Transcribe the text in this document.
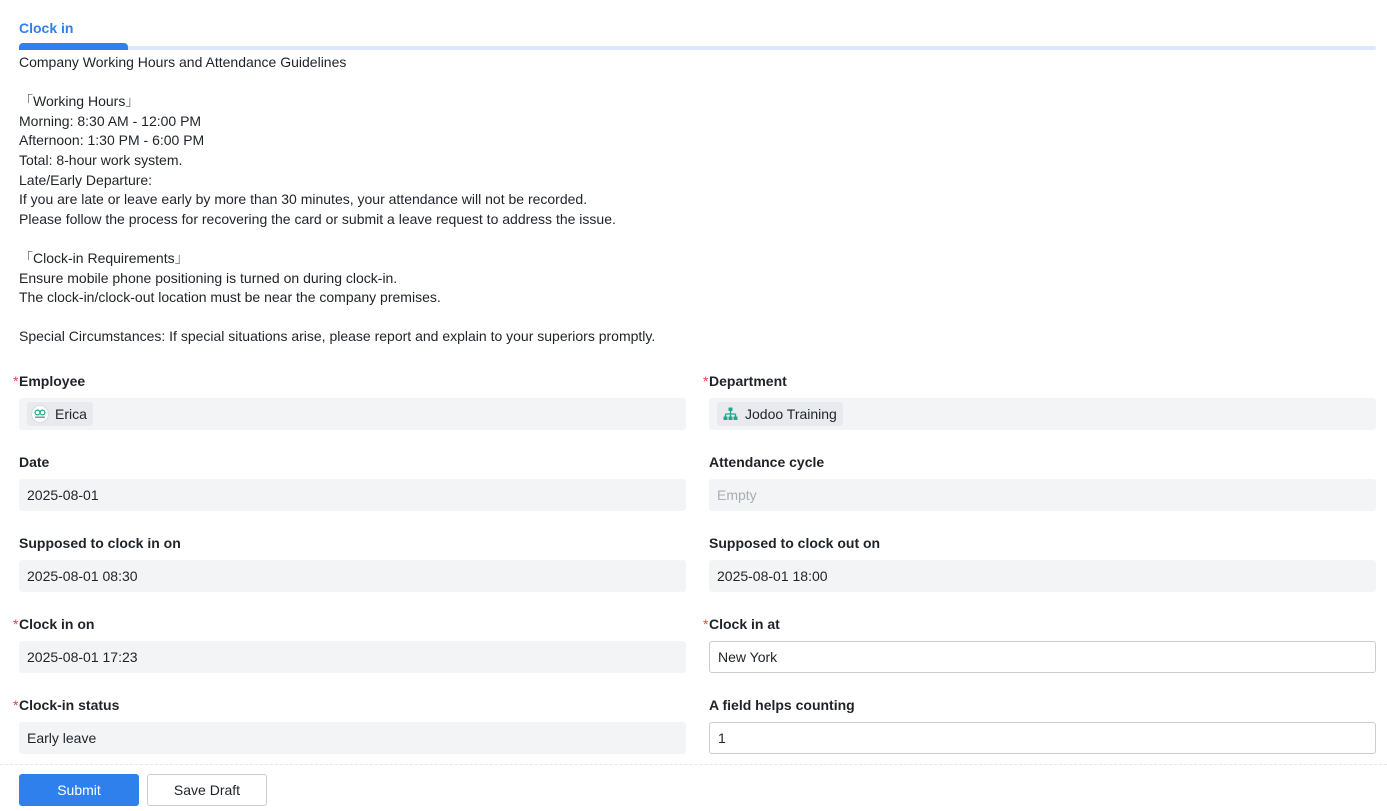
Clock in
Company Working Hours and Attendance Guidelines
「Working Hours」
Morning: 8:30 AM - 12:00 PM
Afternoon: 1:30 PM - 6:00 PM
Total: 8-hour work system.
Late/Early Departure:
If you are late or leave early by more than 30 minutes, your attendance will not be recorded.
Please follow the process for recovering the card or submit a leave request to address the issue.
「Clock-in Requirements」
Ensure mobile phone positioning is turned on during clock-in.
The clock-in/clock-out location must be near the company premises.
Special Circumstances: If special situations arise, please report and explain to your superiors promptly.
* Employee
Erica
* Department
Jodoo Training
Date
2025-08-01
Attendance cycle
Empty
Supposed to clock in on
2025-08-01 08:30
Supposed to clock out on
2025-08-01 18:00
* Clock in on
2025-08-01 17:23
* Clock in at
New York
* Clock-in status
Early leave
A field helps counting
1
Submit	Save Draft
